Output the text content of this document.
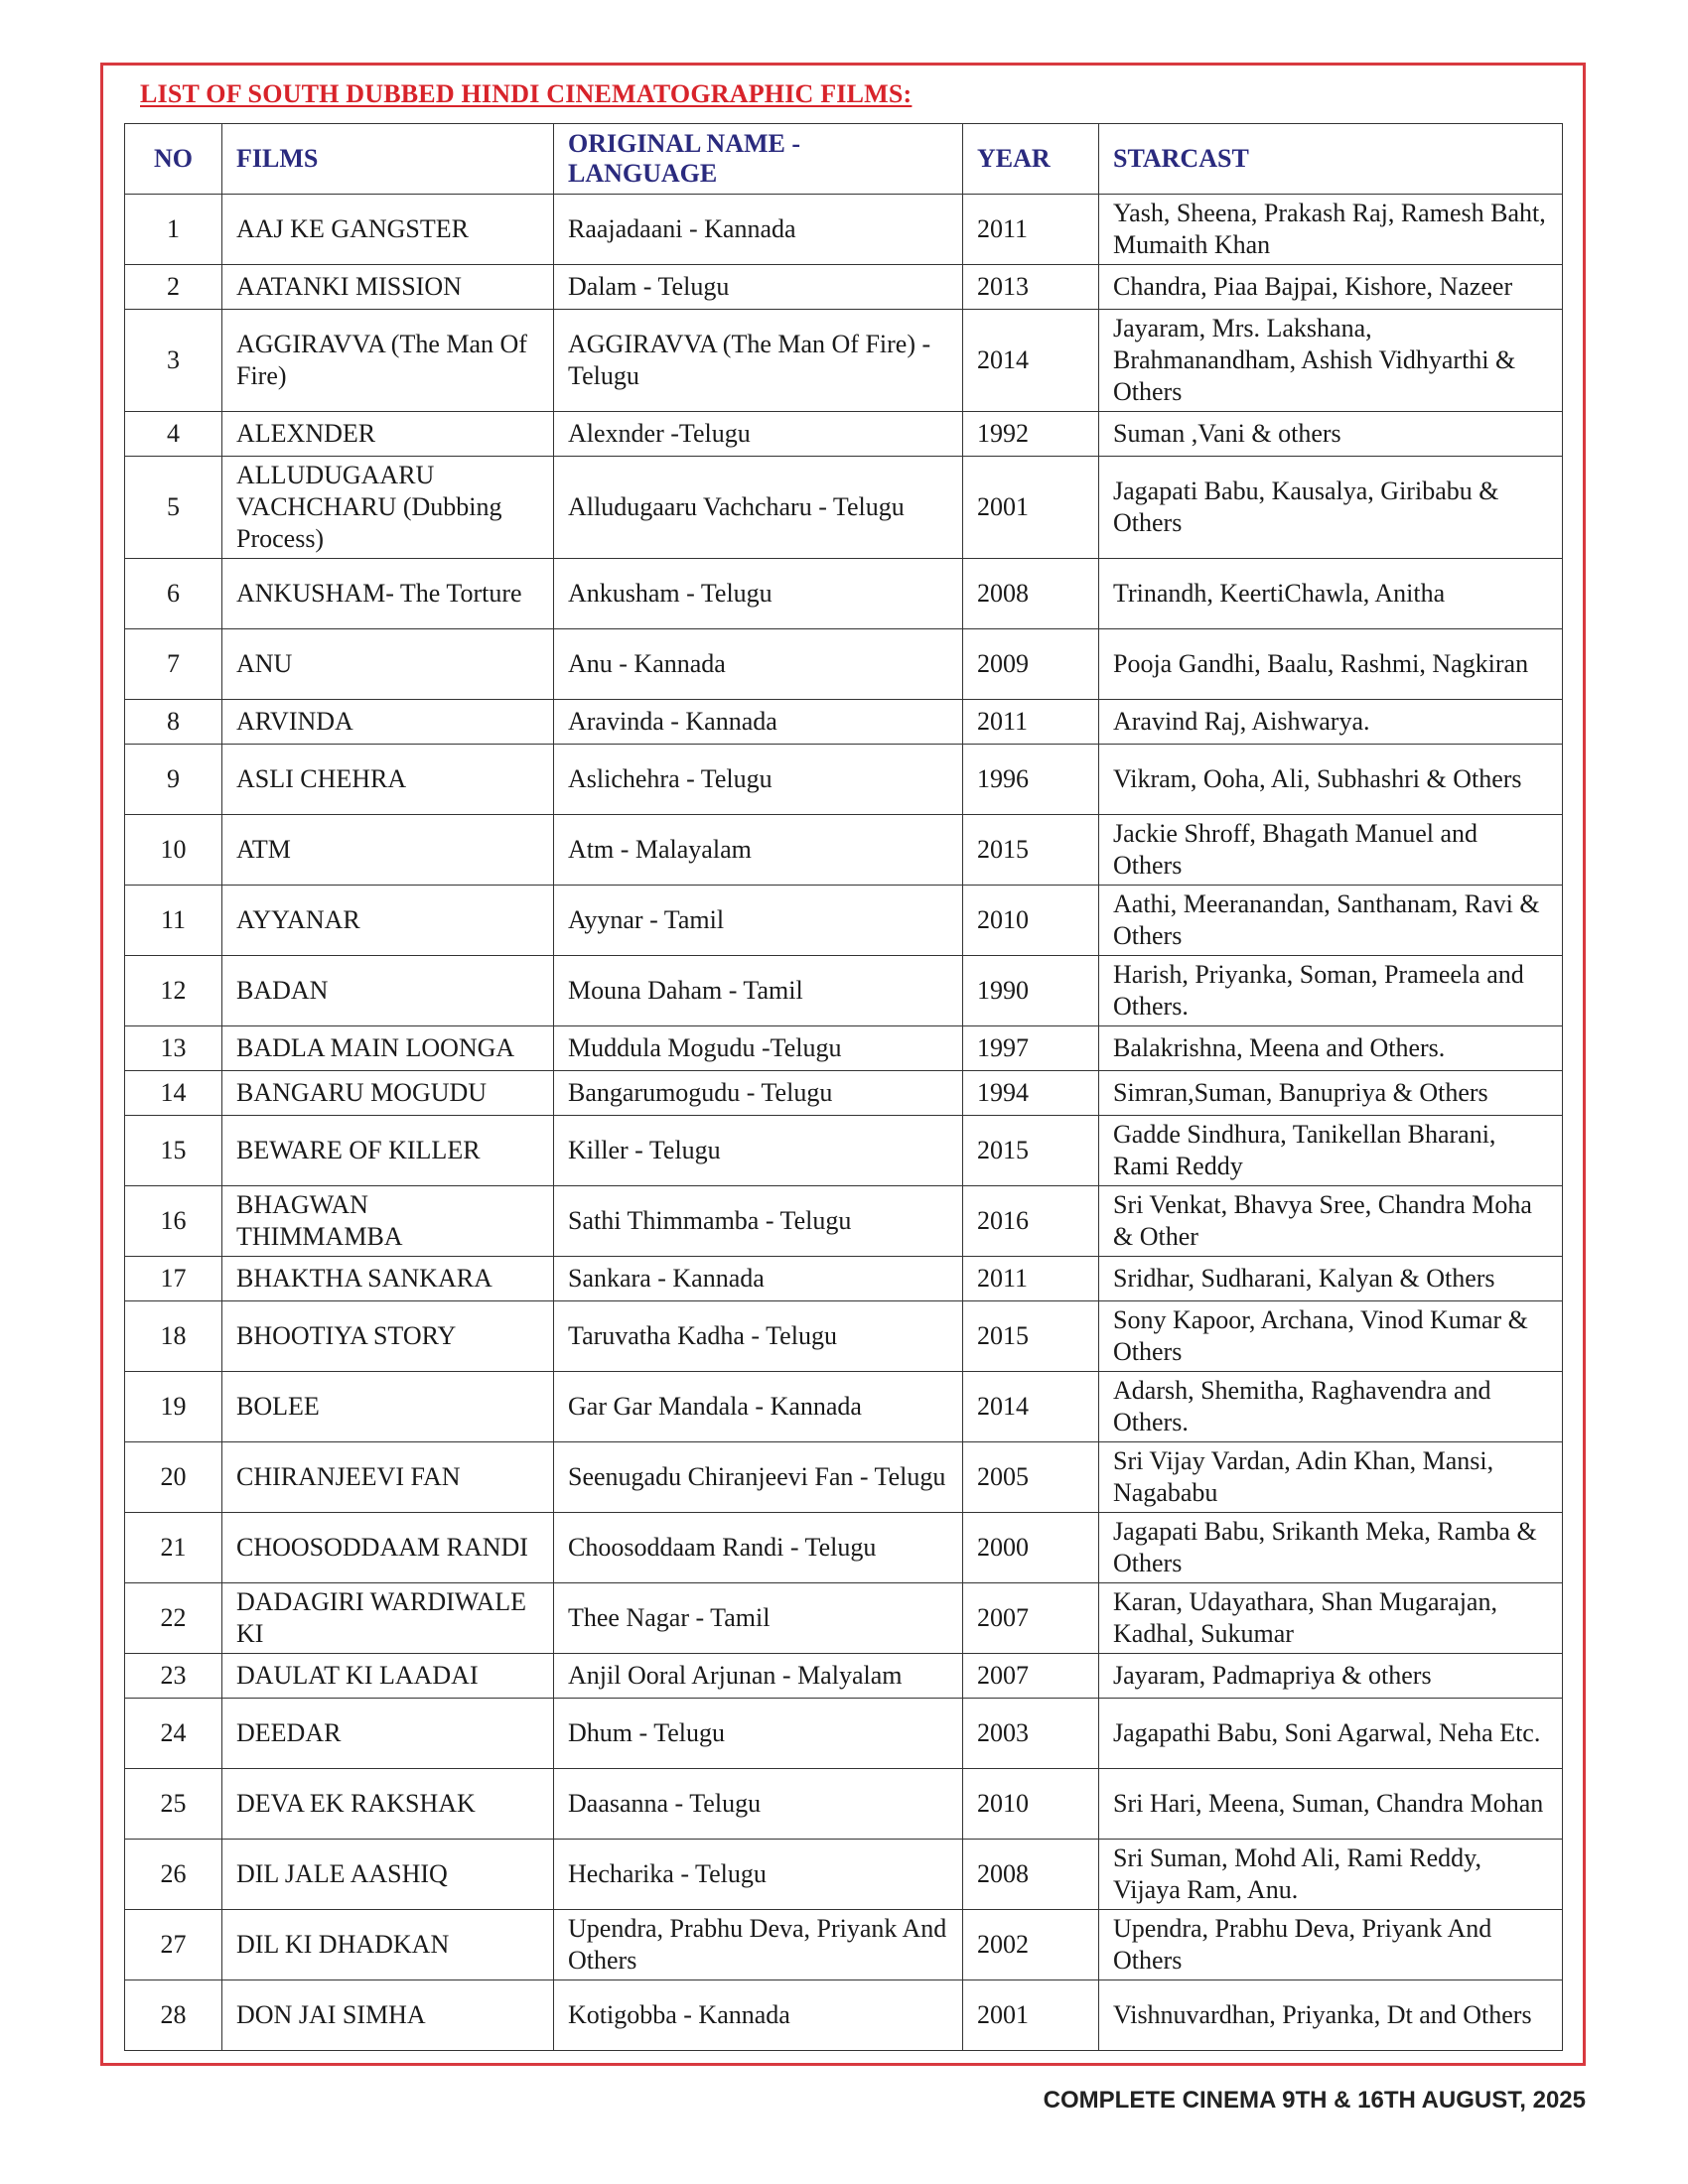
LIST OF SOUTH DUBBED HINDI CINEMATOGRAPHIC FILMS:
NO	FILMS	ORIGINAL NAME - LANGUAGE	YEAR	STARCAST
1	AAJ KE GANGSTER	Raajadaani - Kannada	2011	Yash, Sheena, Prakash Raj, Ramesh Baht, Mumaith Khan
2	AATANKI MISSION	Dalam - Telugu	2013	Chandra, Piaa Bajpai, Kishore, Nazeer
3	AGGIRAVVA (The Man Of Fire)	AGGIRAVVA (The Man Of Fire) - Telugu	2014	Jayaram, Mrs. Lakshana, Brahmanandham, Ashish Vidhyarthi & Others
4	ALEXNDER	Alexnder -Telugu	1992	Suman ,Vani & others
5	ALLUDUGAARU VACHCHARU (Dubbing Process)	Alludugaaru Vachcharu - Telugu	2001	Jagapati Babu, Kausalya, Giribabu & Others
6	ANKUSHAM- The Torture	Ankusham - Telugu	2008	Trinandh, KeertiChawla, Anitha
7	ANU	Anu - Kannada	2009	Pooja Gandhi, Baalu, Rashmi, Nagkiran
8	ARVINDA	Aravinda - Kannada	2011	Aravind Raj, Aishwarya.
9	ASLI CHEHRA	Aslichehra - Telugu	1996	Vikram, Ooha, Ali, Subhashri & Others
10	ATM	Atm - Malayalam	2015	Jackie Shroff, Bhagath Manuel and Others
11	AYYANAR	Ayynar - Tamil	2010	Aathi, Meeranandan, Santhanam, Ravi & Others
12	BADAN	Mouna Daham - Tamil	1990	Harish, Priyanka, Soman, Prameela and Others.
13	BADLA MAIN LOONGA	Muddula Mogudu -Telugu	1997	Balakrishna, Meena and Others.
14	BANGARU MOGUDU	Bangarumogudu - Telugu	1994	Simran,Suman, Banupriya & Others
15	BEWARE OF KILLER	Killer - Telugu	2015	Gadde Sindhura, Tanikellan Bharani, Rami Reddy
16	BHAGWAN THIMMAMBA	Sathi Thimmamba - Telugu	2016	Sri Venkat, Bhavya Sree, Chandra Moha & Other
17	BHAKTHA SANKARA	Sankara - Kannada	2011	Sridhar, Sudharani, Kalyan & Others
18	BHOOTIYA STORY	Taruvatha Kadha - Telugu	2015	Sony Kapoor, Archana, Vinod Kumar & Others
19	BOLEE	Gar Gar Mandala - Kannada	2014	Adarsh, Shemitha, Raghavendra and Others.
20	CHIRANJEEVI FAN	Seenugadu Chiranjeevi Fan - Telugu	2005	Sri Vijay Vardan, Adin Khan, Mansi, Nagababu
21	CHOOSODDAAM RANDI	Choosoddaam Randi - Telugu	2000	Jagapati Babu, Srikanth Meka, Ramba & Others
22	DADAGIRI WARDIWALE KI	Thee Nagar - Tamil	2007	Karan, Udayathara, Shan Mugarajan, Kadhal, Sukumar
23	DAULAT KI LAADAI	Anjil Ooral Arjunan - Malyalam	2007	Jayaram, Padmapriya & others
24	DEEDAR	Dhum - Telugu	2003	Jagapathi Babu, Soni Agarwal, Neha Etc.
25	DEVA EK RAKSHAK	Daasanna - Telugu	2010	Sri Hari, Meena, Suman, Chandra Mohan
26	DIL JALE AASHIQ	Hecharika - Telugu	2008	Sri Suman, Mohd Ali, Rami Reddy, Vijaya Ram, Anu.
27	DIL KI DHADKAN	Upendra, Prabhu Deva, Priyank And Others	2002	Upendra, Prabhu Deva, Priyank And Others
28	DON JAI SIMHA	Kotigobba - Kannada	2001	Vishnuvardhan, Priyanka, Dt and Others

COMPLETE CINEMA 9TH & 16TH AUGUST, 2025
